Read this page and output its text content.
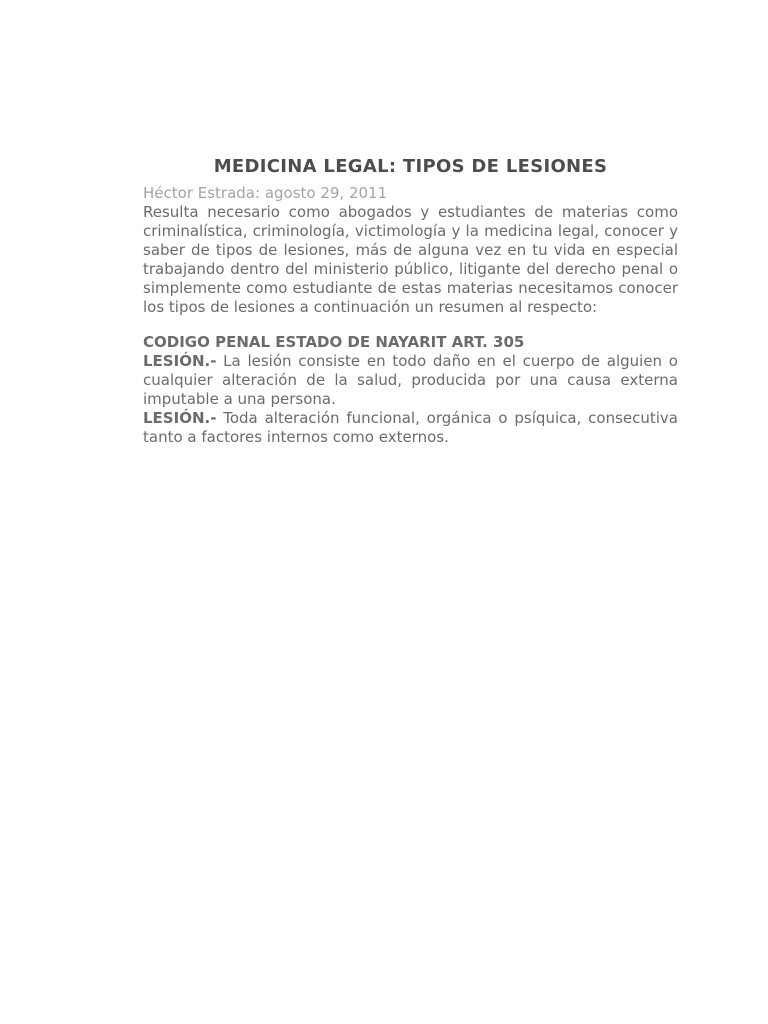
MEDICINA LEGAL: TIPOS DE LESIONES

Héctor Estrada: agosto 29, 2011

Resulta necesario como abogados y estudiantes de materias como criminalística, criminología, victimología y la medicina legal, conocer y saber de tipos de lesiones, más de alguna vez en tu vida en especial trabajando dentro del ministerio público, litigante del derecho penal o simplemente como estudiante de estas materias necesitamos conocer los tipos de lesiones a continuación un resumen al respecto:

CODIGO PENAL ESTADO DE NAYARIT ART. 305

LESIÓN.- La lesión consiste en todo daño en el cuerpo de alguien o cualquier alteración de la salud, producida por una causa externa imputable a una persona.

LESIÓN.- Toda alteración funcional, orgánica o psíquica, consecutiva tanto a factores internos como externos.
